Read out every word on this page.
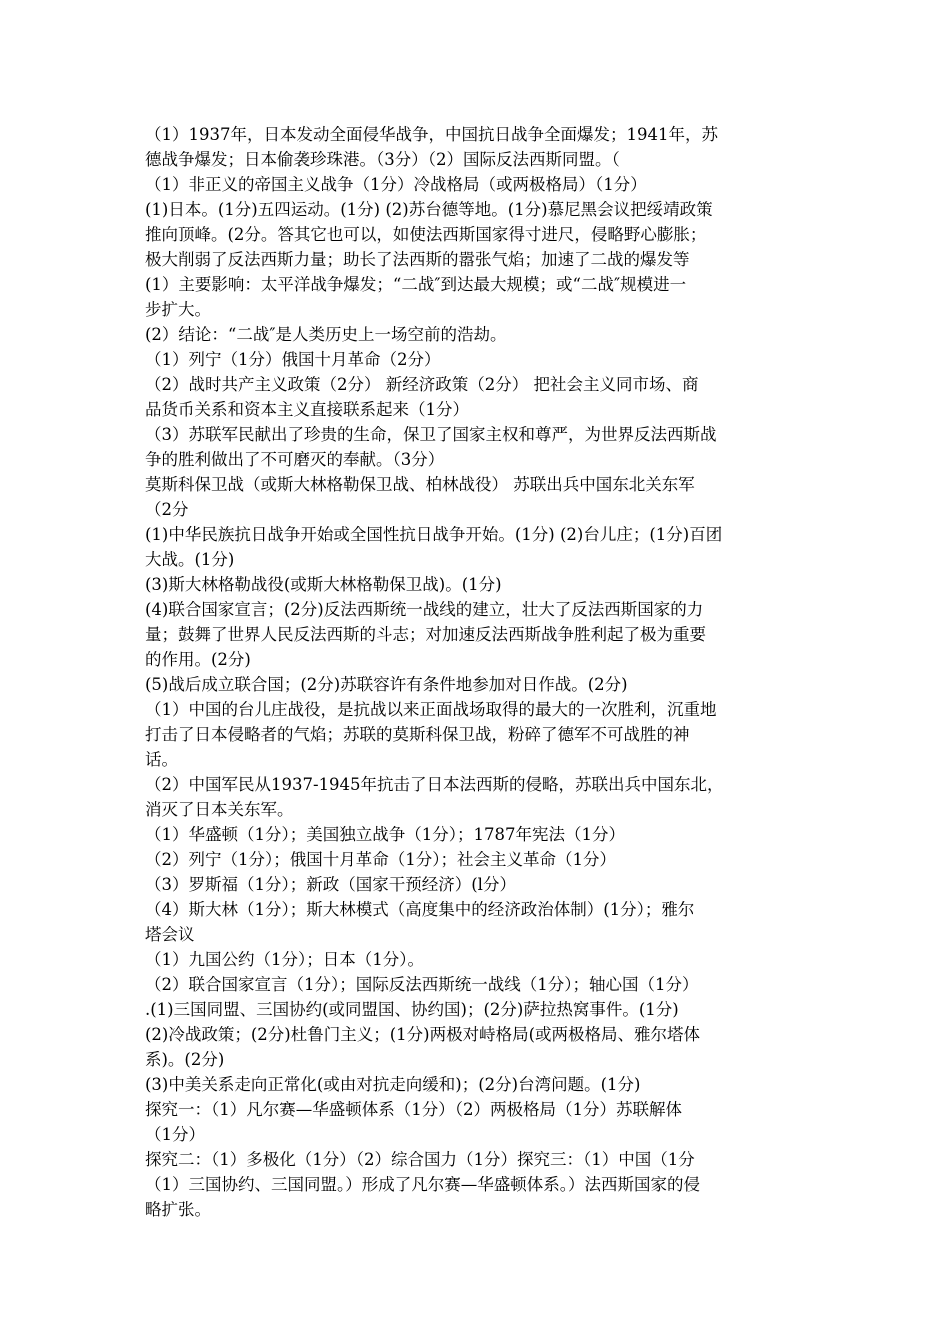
（1）1937年，日本发动全面侵华战争，中国抗日战争全面爆发；1941年，苏
德战争爆发；日本偷袭珍珠港。（3分）（2）国际反法西斯同盟。（
（1）非正义的帝国主义战争（1分）冷战格局（或两极格局）（1分）
(1)日本。(1分)五四运动。(1分) (2)苏台德等地。(1分)慕尼黑会议把绥靖政策
推向顶峰。(2分。答其它也可以，如使法西斯国家得寸进尺，侵略野心膨胀；
极大削弱了反法西斯力量；助长了法西斯的嚣张气焰；加速了二战的爆发等
(1）主要影响：太平洋战争爆发；“二战″到达最大规模；或“二战″规模进一
步扩大。
(2）结论：“二战″是人类历史上一场空前的浩劫。
（1）列宁（1分）俄国十月革命（2分）
（2）战时共产主义政策（2分） 新经济政策（2分） 把社会主义同市场、商
品货币关系和资本主义直接联系起来（1分）
（3）苏联军民献出了珍贵的生命，保卫了国家主权和尊严，为世界反法西斯战
争的胜利做出了不可磨灭的奉献。（3分）
莫斯科保卫战（或斯大林格勒保卫战、柏林战役） 苏联出兵中国东北关东军
（2分
(1)中华民族抗日战争开始或全国性抗日战争开始。(1分) (2)台儿庄；(1分)百团
大战。(1分)
(3)斯大林格勒战役(或斯大林格勒保卫战)。(1分)
(4)联合国家宣言；(2分)反法西斯统一战线的建立，壮大了反法西斯国家的力
量；鼓舞了世界人民反法西斯的斗志；对加速反法西斯战争胜利起了极为重要
的作用。(2分)
(5)战后成立联合国；(2分)苏联容许有条件地参加对日作战。(2分)
（1）中国的台儿庄战役，是抗战以来正面战场取得的最大的一次胜利，沉重地
打击了日本侵略者的气焰；苏联的莫斯科保卫战，粉碎了德军不可战胜的神
话。
（2）中国军民从1937-1945年抗击了日本法西斯的侵略，苏联出兵中国东北，
消灭了日本关东军。
（1）华盛顿（1分）；美国独立战争（1分）；1787年宪法（1分）
（2）列宁（1分）；俄国十月革命（1分）；社会主义革命（1分）
（3）罗斯福（1分）；新政（国家干预经济）(l分）
（4）斯大林（1分）；斯大林模式（高度集中的经济政治体制）(1分）；雅尔
塔会议
（1）九国公约（1分）；日本（1分）。
（2）联合国家宣言（1分）；国际反法西斯统一战线（1分）；轴心国（1分）
.(1)三国同盟、三国协约(或同盟国、协约国)；(2分)萨拉热窝事件。(1分)
(2)冷战政策；(2分)杜鲁门主义；(1分)两极对峙格局(或两极格局、雅尔塔体
系)。(2分)
(3)中美关系走向正常化(或由对抗走向缓和)；(2分)台湾问题。(1分)
探究一：（1）凡尔赛—华盛顿体系（1分）（2）两极格局（1分）苏联解体
（1分）
探究二：（1）多极化（1分）（2）综合国力（1分）探究三：（1）中国（1分
（1）三国协约、三国同盟。）形成了凡尔赛—华盛顿体系。）法西斯国家的侵
略扩张。
